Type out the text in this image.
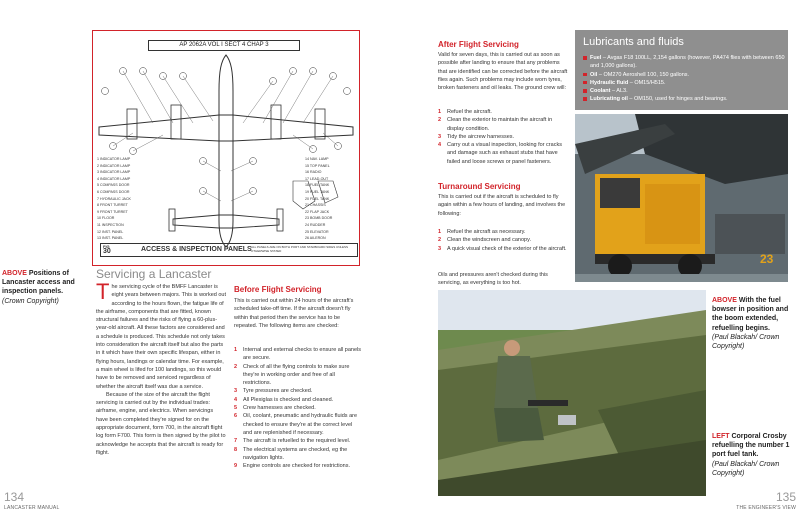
AP 2062A VOL I SECT 4 CHAP 3
1 INDICATOR LAMP
2 INDICATOR LAMP
3 INDICATOR LAMP
4 INDICATOR LAMP
5 COMPASS DOOR
6 COMPASS DOOR
7 HYDRAULIC JACK
8 FRONT TURRET
9 FRONT TURRET
10 FLOOR
11 INSPECTION
12 INST. PANEL
13 INST. PANEL
14 NAV. LAMP
15 TOP PANEL
16 RADIO
17 LEAD-OUT
18 FUEL TANK
19 FUEL TANK
20 FUEL TANK
21 CHASSIS
22 FLAP JACK
23 BOMB DOOR
24 RUDDER
25 ELEVATOR
26 AILERON
FIG
30	ACCESS & INSPECTION PANELS ALL PANELS ARE ON BOTH PORT AND STARBOARD SIDES UNLESS OTHERWISE STATED
ABOVE Positions of Lancaster access and inspection panels.
(Crown Copyright)
Servicing a Lancaster
T he servicing cycle of the BMFF Lancaster is eight years between majors. This is worked out according to the hours flown, the fatigue life of the airframe, components that are fitted, known structural failures and the risks of flying a 60-plus-year-old aircraft. All these factors are considered and a schedule is produced. This schedule not only takes into consideration the aircraft itself but also the parts in it which have their own specific lifespan, either in flying hours, landings or calendar time. For example, a main wheel is lifed for 100 landings, so this would have to be removed and serviced regardless of whether the aircraft itself was due a service.
Because of the size of the aircraft the flight servicing is carried out by the individual trades: airframe, engine, and electrics. When servicings have been completed they're signed for on the appropriate document, form 700, in the aircraft flight log form F700. This form is then signed by the pilot to acknowledge he accepts that the aircraft is ready for flight.
Before Flight Servicing
This is carried out within 24 hours of the aircraft's scheduled take-off time. If the aircraft doesn't fly within that period then the service has to be repeated. The following items are checked:
1 Internal and external checks to ensure all panels are secure.
2 Check of all the flying controls to make sure they're in working order and free of all restrictions.
3 Tyre pressures are checked.
4 All Plexiglas is checked and cleaned.
5 Crew harnesses are checked.
6 Oil, coolant, pneumatic and hydraulic fluids are checked to ensure they're at the correct level and are replenished if necessary.
7 The aircraft is refuelled to the required level.
8 The electrical systems are checked, eg the navigation lights.
9 Engine controls are checked for restrictions.
134
LANCASTER MANUAL
After Flight Servicing
Valid for seven days, this is carried out as soon as possible after landing to ensure that any problems that are identified can be corrected before the aircraft flies again. Such problems may include worn tyres, broken fasteners and oil leaks. The ground crew will:
1 Refuel the aircraft.
2 Clean the exterior to maintain the aircraft in display condition.
3 Tidy the aircrew harnesses.
4 Carry out a visual inspection, looking for cracks and damage such as exhaust stubs that have failed and loose screws or panel fasteners.
Turnaround Servicing
This is carried out if the aircraft is scheduled to fly again within a few hours of landing, and involves the following:
1 Refuel the aircraft as necessary.
2 Clean the windscreen and canopy.
3 A quick visual check of the exterior of the aircraft.
Oils and pressures aren't checked during this servicing, as everything is too hot.
Lubricants and fluids
Fuel – Avgas F18 100LL, 2,154 gallons (however, PA474 flies with between 650 and 1,000 gallons).
Oil – OM270 Aeroshell 100, 150 gallons.
Hydraulic fluid – OM15/H515.
Coolant – AL3.
Lubricating oil – OM150, used for hinges and bearings.
23
ABOVE With the fuel bowser in position and the boom extended, refuelling begins.
(Paul Blackah/ Crown Copyright)
LEFT Corporal Crosby refuelling the number 1 port fuel tank.
(Paul Blackah/ Crown Copyright)
135
THE ENGINEER'S VIEW
